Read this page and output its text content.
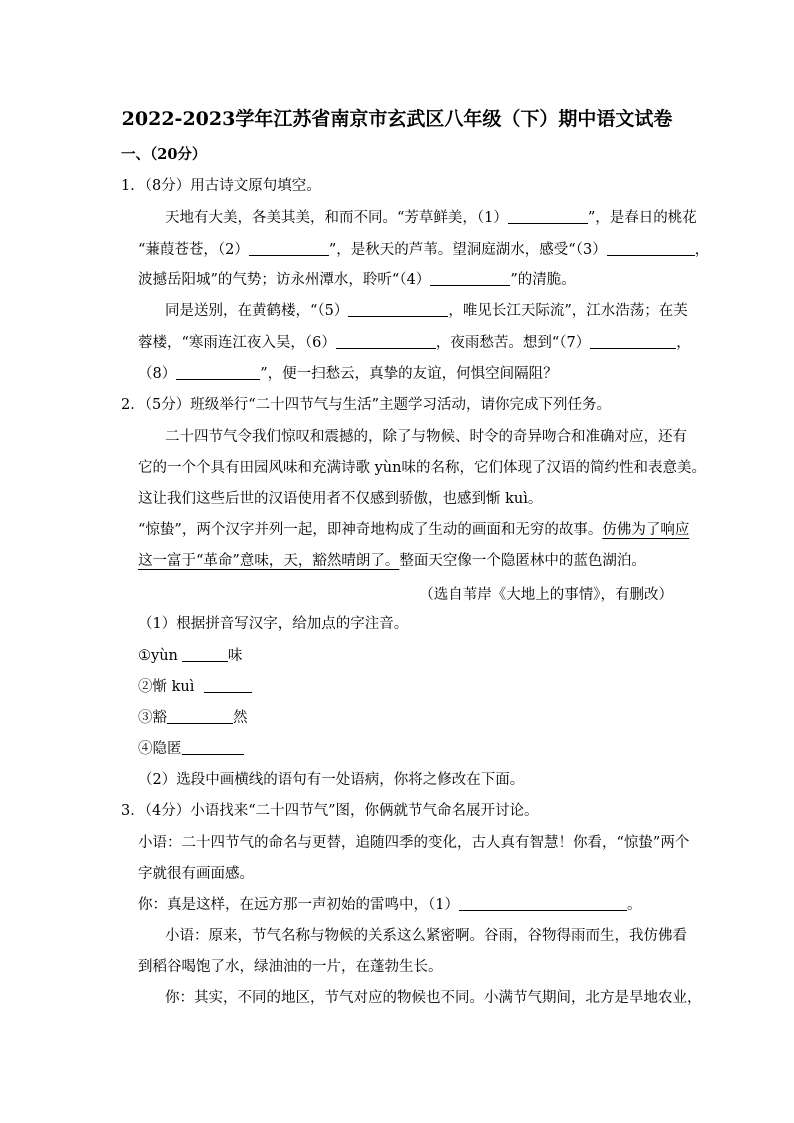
2022-2023学年江苏省南京市玄武区八年级（下）期中语文试卷
一、（20分）
1．（8分）用古诗文原句填空。
天地有大美，各美其美，和而不同。“芳草鲜美，（1）	”，是春日的桃花
“蒹葭苍苍，（2）	”，是秋天的芦苇。望洞庭湖水，感受“（3）	，
波撼岳阳城”的气势；访永州潭水，聆听“（4）	”的清脆。
同是送别，在黄鹤楼，“（5）	，唯见长江天际流”，江水浩荡；在芙
蓉楼，“寒雨连江夜入吴，（6）	，夜雨愁苦。想到“（7）	，
（8）	”，便一扫愁云，真挚的友谊，何惧空间隔阻？
2．（5分）班级举行“二十四节气与生活”主题学习活动，请你完成下列任务。
二十四节气令我们惊叹和震撼的，除了与物候、时令的奇异吻合和准确对应，还有
它的一个个具有田园风味和充满诗歌 yùn味的名称，它们体现了汉语的简约性和表意美。
这让我们这些后世的汉语使用者不仅感到骄傲，也感到惭 kuì。
“惊蛰”，两个汉字并列一起，即神奇地构成了生动的画面和无穷的故事。仿佛为了响应
这一富于“革命”意味，天，豁然晴朗了。整面天空像一个隐匿林中的蓝色湖泊。
（选自苇岸《大地上的事情》，有删改）
（1）根据拼音写汉字，给加点的字注音。
①yùn	味
②惭 kuì
③豁	然
④隐匿
（2）选段中画横线的语句有一处语病，你将之修改在下面。
3．（4分）小语找来“二十四节气”图，你俩就节气命名展开讨论。
小语：二十四节气的命名与更替，追随四季的变化，古人真有智慧！你看，“惊蛰”两个
字就很有画面感。
你：真是这样，在远方那一声初始的雷鸣中，（1）	。
小语：原来，节气名称与物候的关系这么紧密啊。谷雨，谷物得雨而生，我仿佛看
到稻谷喝饱了水，绿油油的一片，在蓬勃生长。
你：其实，不同的地区，节气对应的物候也不同。小满节气期间，北方是旱地农业，
